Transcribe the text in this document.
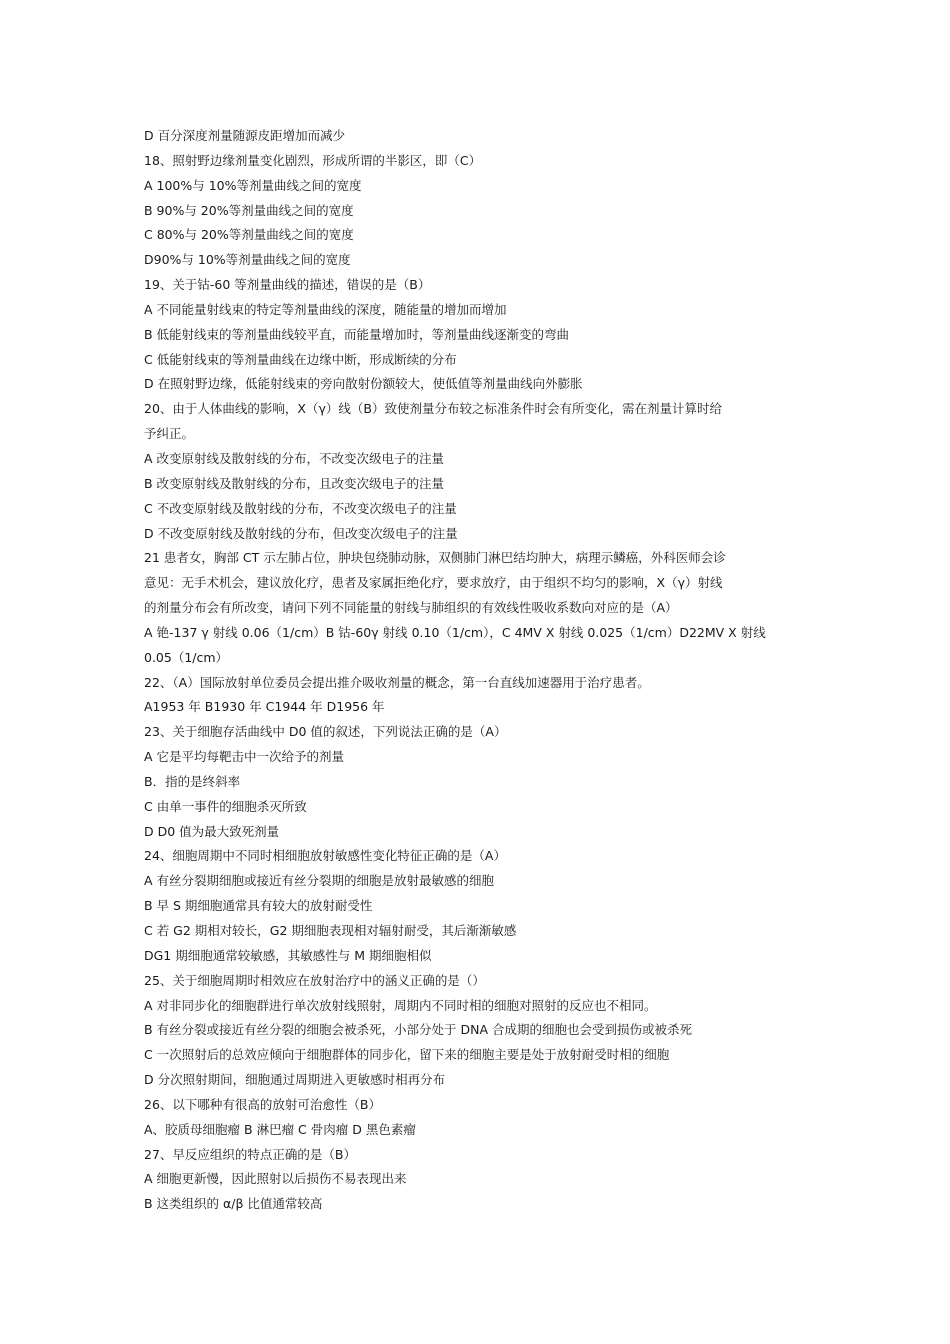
D 百分深度剂量随源皮距增加而减少
18、照射野边缘剂量变化剧烈，形成所谓的半影区，即（C）
A 100%与 10%等剂量曲线之间的宽度
B 90%与 20%等剂量曲线之间的宽度
C 80%与 20%等剂量曲线之间的宽度
D90%与 10%等剂量曲线之间的宽度
19、关于钴-60 等剂量曲线的描述，错误的是（B）
A 不同能量射线束的特定等剂量曲线的深度，随能量的增加而增加
B 低能射线束的等剂量曲线较平直，而能量增加时，等剂量曲线逐渐变的弯曲
C 低能射线束的等剂量曲线在边缘中断，形成断续的分布
D 在照射野边缘，低能射线束的旁向散射份额较大，使低值等剂量曲线向外膨胀
20、由于人体曲线的影响，X（γ）线（B）致使剂量分布较之标准条件时会有所变化，需在剂量计算时给
予纠正。
A 改变原射线及散射线的分布，不改变次级电子的注量
B 改变原射线及散射线的分布，且改变次级电子的注量
C 不改变原射线及散射线的分布，不改变次级电子的注量
D 不改变原射线及散射线的分布，但改变次级电子的注量
21 患者女，胸部 CT 示左肺占位，肿块包绕肺动脉，双侧肺门淋巴结均肿大，病理示鳞癌，外科医师会诊
意见：无手术机会，建议放化疗，患者及家属拒绝化疗，要求放疗，由于组织不均匀的影响，X（γ）射线
的剂量分布会有所改变，请问下列不同能量的射线与肺组织的有效线性吸收系数向对应的是（A）
A 铯-137 γ 射线 0.06（1/cm）B 钴-60γ 射线 0.10（1/cm），C 4MV X 射线 0.025（1/cm）D22MV X 射线
0.05（1/cm）
22、（A）国际放射单位委员会提出推介吸收剂量的概念，第一台直线加速器用于治疗患者。
A1953 年 B1930 年 C1944 年 D1956 年
23、关于细胞存活曲线中 D0 值的叙述，下列说法正确的是（A）
A 它是平均每靶击中一次给予的剂量
B．指的是终斜率
C 由单一事件的细胞杀灭所致
D D0 值为最大致死剂量
24、细胞周期中不同时相细胞放射敏感性变化特征正确的是（A）
A 有丝分裂期细胞或接近有丝分裂期的细胞是放射最敏感的细胞
B 早 S 期细胞通常具有较大的放射耐受性
C 若 G2 期相对较长，G2 期细胞表现相对辐射耐受，其后渐渐敏感
DG1 期细胞通常较敏感，其敏感性与 M 期细胞相似
25、关于细胞周期时相效应在放射治疗中的涵义正确的是（）
A 对非同步化的细胞群进行单次放射线照射，周期内不同时相的细胞对照射的反应也不相同。
B 有丝分裂或接近有丝分裂的细胞会被杀死，小部分处于 DNA 合成期的细胞也会受到损伤或被杀死
C 一次照射后的总效应倾向于细胞群体的同步化，留下来的细胞主要是处于放射耐受时相的细胞
D 分次照射期间，细胞通过周期进入更敏感时相再分布
26、以下哪种有很高的放射可治愈性（B）
A、胶质母细胞瘤 B 淋巴瘤 C 骨肉瘤 D 黑色素瘤
27、早反应组织的特点正确的是（B）
A 细胞更新慢，因此照射以后损伤不易表现出来
B 这类组织的 α/β 比值通常较高
